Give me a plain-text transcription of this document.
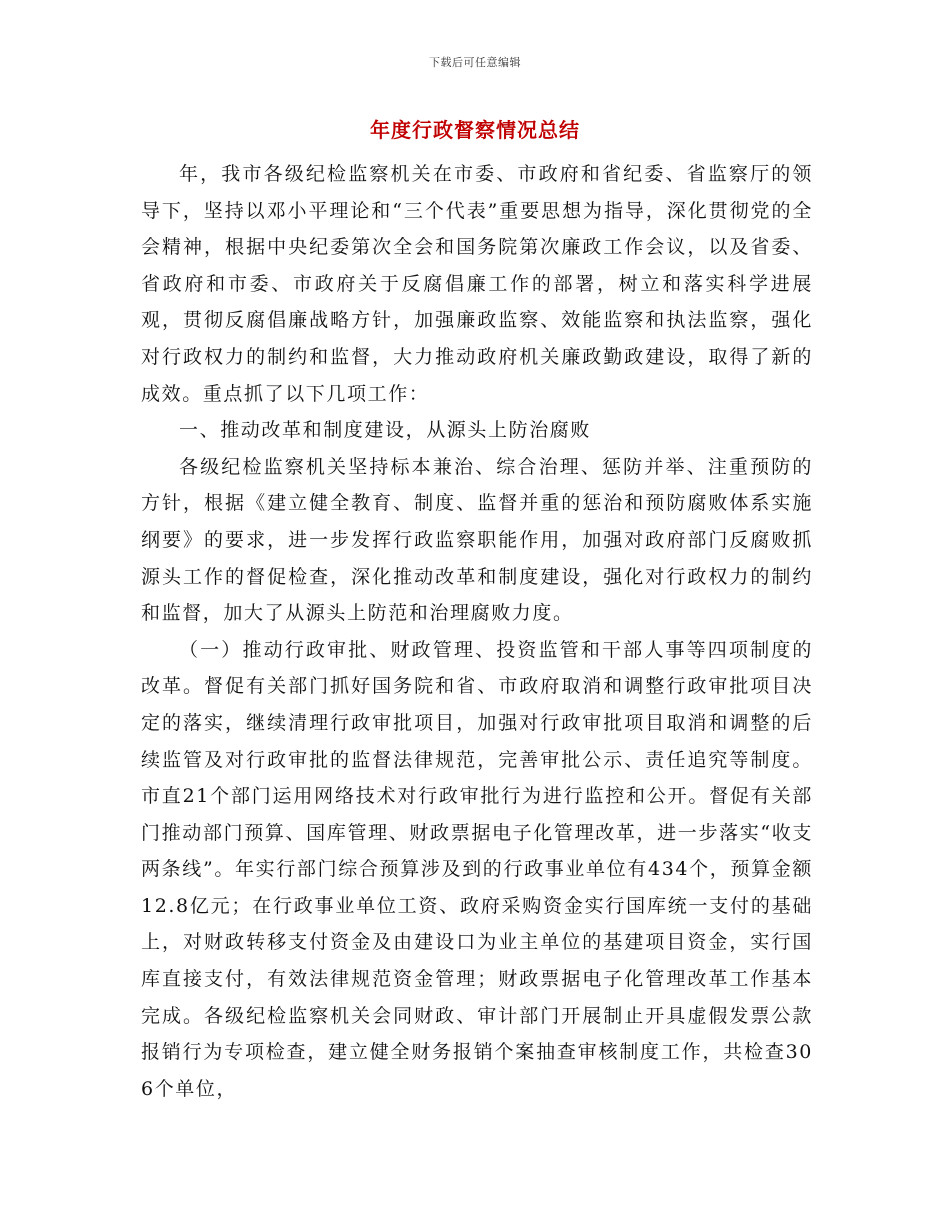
下载后可任意编辑
年度行政督察情况总结

年，我市各级纪检监察机关在市委、市政府和省纪委、省监察厅的领导下，坚持以邓小平理论和“三个代表”重要思想为指导，深化贯彻党的全会精神，根据中央纪委第次全会和国务院第次廉政工作会议，以及省委、省政府和市委、市政府关于反腐倡廉工作的部署，树立和落实科学进展观，贯彻反腐倡廉战略方针，加强廉政监察、效能监察和执法监察，强化对行政权力的制约和监督，大力推动政府机关廉政勤政建设，取得了新的成效。重点抓了以下几项工作：

一、推动改革和制度建设，从源头上防治腐败

各级纪检监察机关坚持标本兼治、综合治理、惩防并举、注重预防的方针，根据《建立健全教育、制度、监督并重的惩治和预防腐败体系实施纲要》的要求，进一步发挥行政监察职能作用，加强对政府部门反腐败抓源头工作的督促检查，深化推动改革和制度建设，强化对行政权力的制约和监督，加大了从源头上防范和治理腐败力度。

（一）推动行政审批、财政管理、投资监管和干部人事等四项制度的改革。督促有关部门抓好国务院和省、市政府取消和调整行政审批项目决定的落实，继续清理行政审批项目，加强对行政审批项目取消和调整的后续监管及对行政审批的监督法律规范，完善审批公示、责任追究等制度。市直21个部门运用网络技术对行政审批行为进行监控和公开。督促有关部门推动部门预算、国库管理、财政票据电子化管理改革，进一步落实“收支两条线”。年实行部门综合预算涉及到的行政事业单位有434个，预算金额12.8亿元；在行政事业单位工资、政府采购资金实行国库统一支付的基础上，对财政转移支付资金及由建设口为业主单位的基建项目资金，实行国库直接支付，有效法律规范资金管理；财政票据电子化管理改革工作基本完成。各级纪检监察机关会同财政、审计部门开展制止开具虚假发票公款报销行为专项检查，建立健全财务报销个案抽查审核制度工作，共检查306个单位，
